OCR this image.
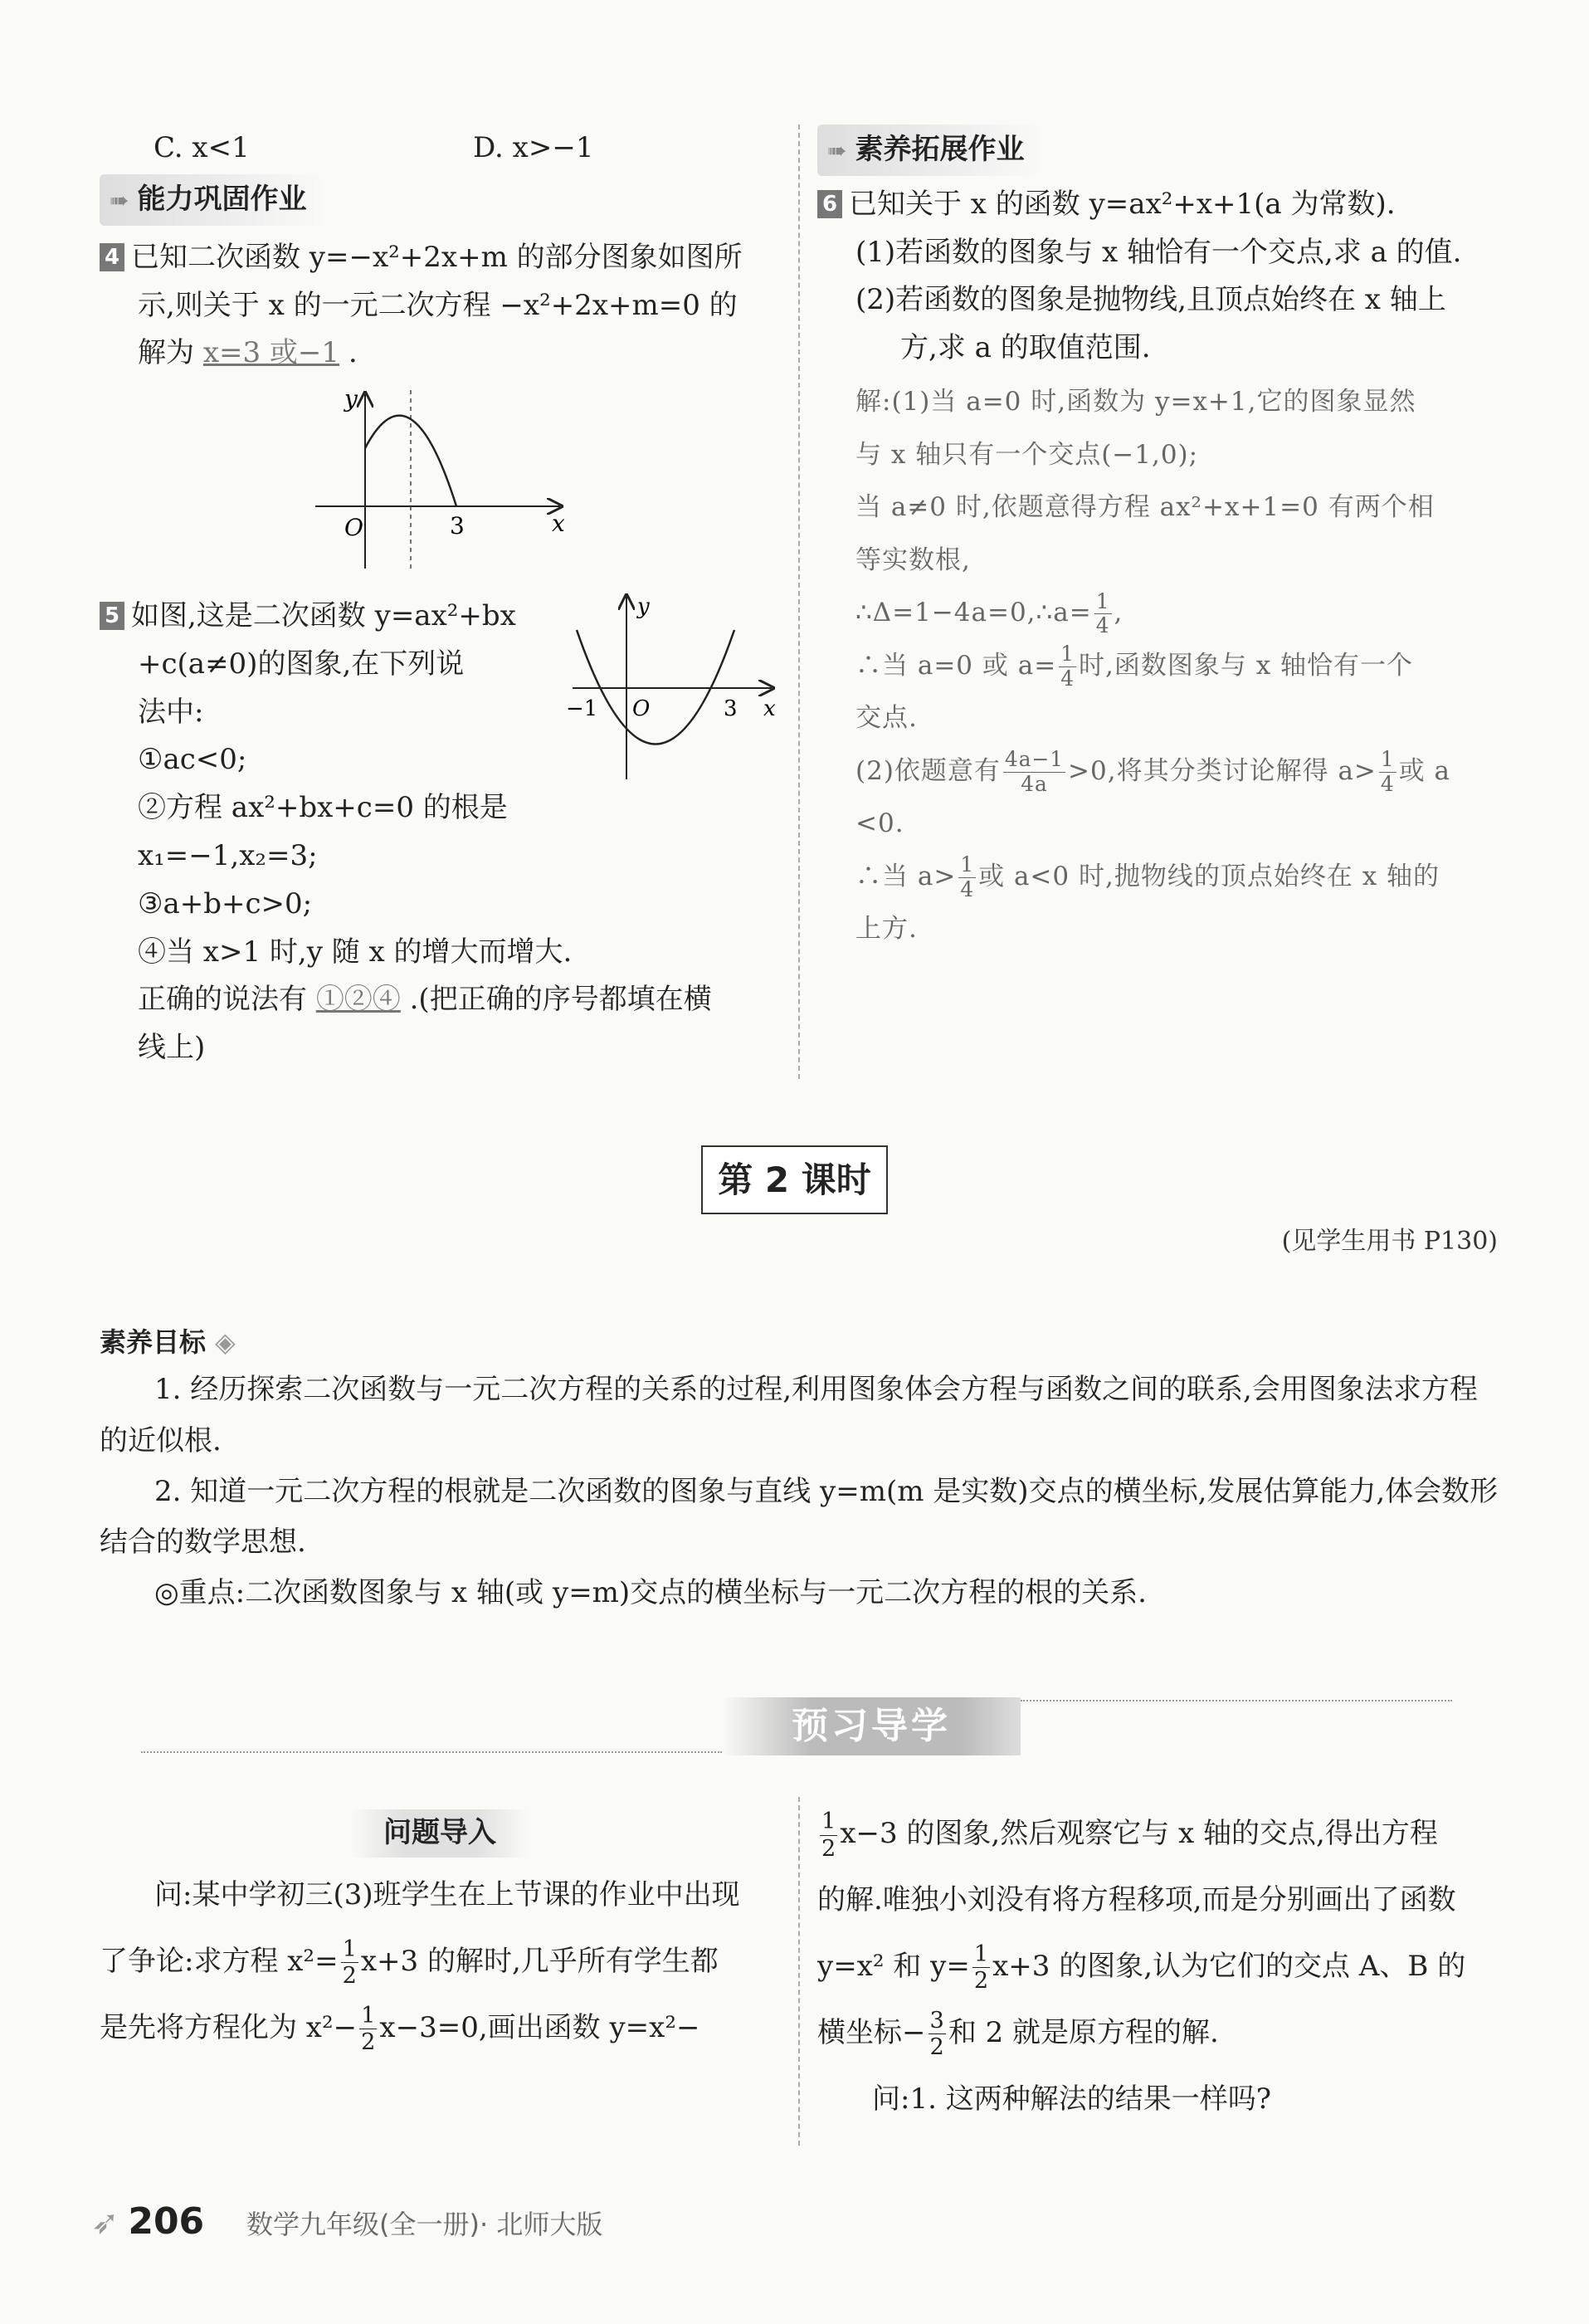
C. x<1	D. x>−1
➠ 能力巩固作业

4 已知二次函数 y=−x²+2x+m 的部分图象如图所

示,则关于 x 的一元二次方程 −x²+2x+m=0 的

解为 x=3 或−1 .

y
x
O	3

5 如图,这是二次函数 y=ax²+bx

+c(a≠0)的图象,在下列说

法中:

①ac<0;

②方程 ax²+bx+c=0 的根是

x₁=−1,x₂=3;

③a+b+c>0;

④当 x>1 时,y 随 x 的增大而增大.

正确的说法有 ①②④ .(把正确的序号都填在横

线上)

y
x
O
−1	3
➠ 素养拓展作业

6 已知关于 x 的函数 y=ax²+x+1(a 为常数).

(1)若函数的图象与 x 轴恰有一个交点,求 a 的值.

(2)若函数的图象是抛物线,且顶点始终在 x 轴上

方,求 a 的取值范围.

解:(1)当 a=0 时,函数为 y=x+1,它的图象显然

与 x 轴只有一个交点(−1,0);

当 a≠0 时,依题意得方程 ax²+x+1=0 有两个相

等实数根,

∴Δ=1−4a=0,∴a= $\frac{1}{4}$ ,

∴当 a=0 或 $a= \frac{1}{4}$ 时,函数图象与 x 轴恰有一个

交点.

(2)依题意有 $\frac{4a-1}{4a} >0$,将其分类讨论解得 $a> \frac{1}{4}$ 或 a

<0.

∴当 $a> \frac{1}{4}$ 或 a<0 时,抛物线的顶点始终在 x 轴的

上方.

第 2 课时
(见学生用书 P130)
素养目标 ◈

1. 经历探索二次函数与一元二次方程的关系的过程,利用图象体会方程与函数之间的联系,会用图象法求方程的近似根.

2. 知道一元二次方程的根就是二次函数的图象与直线 y=m(m 是实数)交点的横坐标,发展估算能力,体会数形结合的数学思想.

◎重点:二次函数图象与 x 轴(或 y=m)交点的横坐标与一元二次方程的根的关系.

预习导学
问题导入

问:某中学初三(3)班学生在上节课的作业中出现

了争论:求方程 $x^2= \frac{1}{2} x+3$ 的解时,几乎所有学生都

是先将方程化为 $x^2- \frac{1}{2} x-3=0$,画出函数 y=x²−

$\frac{1}{2} x-3$ 的图象,然后观察它与 x 轴的交点,得出方程

的解.唯独小刘没有将方程移项,而是分别画出了函数

y=x² 和 $y= \frac{1}{2} x+3$ 的图象,认为它们的交点 A、B 的

横坐标− $\frac{3}{2}$ 和 2 就是原方程的解.

问:1. 这两种解法的结果一样吗?

➶ 206 数学九年级(全一册)· 北师大版
